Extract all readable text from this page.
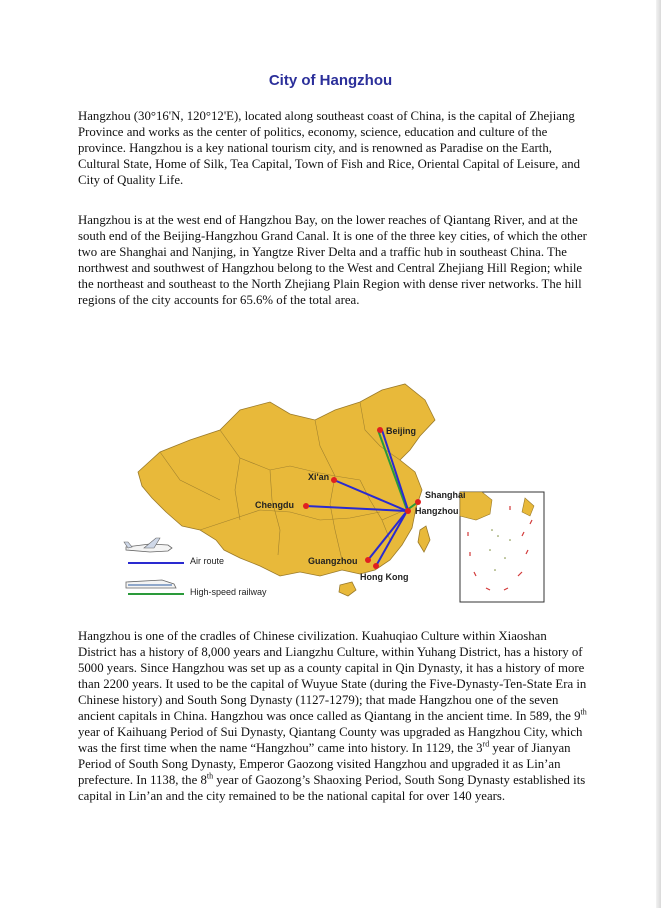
City of Hangzhou

Hangzhou (30°16'N, 120°12'E), located along southeast coast of China, is the capital of Zhejiang Province and works as the center of politics, economy, science, education and culture of the province. Hangzhou is a key national tourism city, and is renowned as Paradise on the Earth, Cultural State, Home of Silk, Tea Capital, Town of Fish and Rice, Oriental Capital of Leisure, and City of Quality Life.

Hangzhou is at the west end of Hangzhou Bay, on the lower reaches of Qiantang River, and at the south end of the Beijing-Hangzhou Grand Canal. It is one of the three key cities, of which the other two are Shanghai and Nanjing, in Yangtze River Delta and a traffic hub in southeast China. The northwest and southwest of Hangzhou belong to the West and Central Zhejiang Hill Region; while the northeast and southeast to the North Zhejiang Plain Region with dense river networks. The hill regions of the city accounts for 65.6% of the total area.

Beijing
Xi'an
Shanghai
Chengdu
Hangzhou
Guangzhou
Hong Kong
Air route
High-speed railway

Hangzhou is one of the cradles of Chinese civilization. Kuahuqiao Culture within Xiaoshan District has a history of 8,000 years and Liangzhu Culture, within Yuhang District, has a history of 5000 years. Since Hangzhou was set up as a county capital in Qin Dynasty, it has a history of more than 2200 years. It used to be the capital of Wuyue State (during the Five-Dynasty-Ten-State Era in Chinese history) and South Song Dynasty (1127-1279); that made Hangzhou one of the seven ancient capitals in China. Hangzhou was once called as Qiantang in the ancient time. In 589, the 9th year of Kaihuang Period of Sui Dynasty, Qiantang County was upgraded as Hangzhou City, which was the first time when the name “Hangzhou” came into history. In 1129, the 3rd year of Jianyan Period of South Song Dynasty, Emperor Gaozong visited Hangzhou and upgraded it as Lin’an prefecture. In 1138, the 8th year of Gaozong’s Shaoxing Period, South Song Dynasty established its capital in Lin’an and the city remained to be the national capital for over 140 years.
